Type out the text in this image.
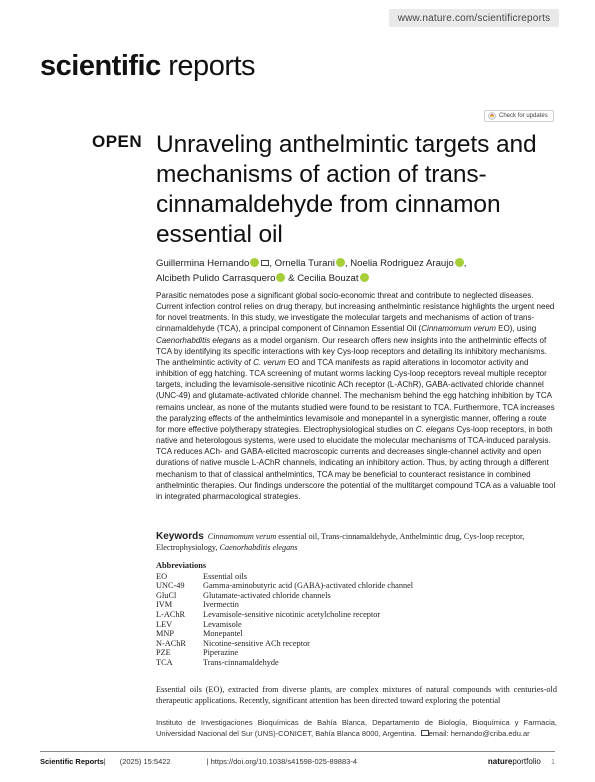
www.nature.com/scientificreports
scientific reports
Check for updates
OPEN Unraveling anthelmintic targets and mechanisms of action of trans-cinnamaldehyde from cinnamon essential oil
Guillermina Hernando , Ornella Turani , Noelia Rodriguez Araujo ,
Alcibeth Pulido Carrasquero & Cecilia Bouzat

Parasitic nematodes pose a significant global socio-economic threat and contribute to neglected diseases. Current infection control relies on drug therapy, but increasing anthelmintic resistance highlights the urgent need for novel treatments. In this study, we investigate the molecular targets and mechanisms of action of trans-cinnamaldehyde (TCA), a principal component of Cinnamon Essential Oil (Cinnamomum verum EO), using Caenorhabditis elegans as a model organism. Our research offers new insights into the anthelmintic effects of TCA by identifying its specific interactions with key Cys-loop receptors and detailing its inhibitory mechanisms. The anthelmintic activity of C. verum EO and TCA manifests as rapid alterations in locomotor activity and inhibition of egg hatching. TCA screening of mutant worms lacking Cys-loop receptors reveal multiple receptor targets, including the levamisole-sensitive nicotinic ACh receptor (L-AChR), GABA-activated chloride channel (UNC-49) and glutamate-activated chloride channel. The mechanism behind the egg hatching inhibition by TCA remains unclear, as none of the mutants studied were found to be resistant to TCA. Furthermore, TCA increases the paralyzing effects of the anthelmintics levamisole and monepantel in a synergistic manner, offering a route for more effective polytherapy strategies. Electrophysiological studies on C. elegans Cys-loop receptors, in both native and heterologous systems, were used to elucidate the molecular mechanisms of TCA-induced paralysis. TCA reduces ACh- and GABA-elicited macroscopic currents and decreases single-channel activity and open durations of native muscle L-AChR channels, indicating an inhibitory action. Thus, by acting through a different mechanism to that of classical anthelmintics, TCA may be beneficial to counteract resistance in combined anthelmintic therapies. Our findings underscore the potential of the multitarget compound TCA as a valuable tool in integrated pharmacological strategies.

Keywords Cinnamomum verum essential oil, Trans-cinnamaldehyde, Anthelmintic drug, Cys-loop receptor, Electrophysiology, Caenorhabditis elegans

Abbreviations
EO	Essential oils
UNC-49	Gamma-aminobutyric acid (GABA)-activated chloride channel
GluCl	Glutamate-activated chloride channels
IVM	Ivermectin
L-AChR	Levamisole-sensitive nicotinic acetylcholine receptor
LEV	Levamisole
MNP	Monepantel
N-AChR	Nicotine-sensitive ACh receptor
PZE	Piperazine
TCA	Trans-cinnamaldehyde

Essential oils (EO), extracted from diverse plants, are complex mixtures of natural compounds with centuries-old therapeutic applications. Recently, significant attention has been directed toward exploring the potential

Instituto de Investigaciones Bioquímicas de Bahía Blanca, Departamento de Biología, Bioquímica y Farmacia, Universidad Nacional del Sur (UNS)-CONICET, Bahía Blanca 8000, Argentina. email: hernando@criba.edu.ar

Scientific Reports | (2025) 15:5422	| https://doi.org/10.1038/s41598-025-89883-4	natureportfolio 1
